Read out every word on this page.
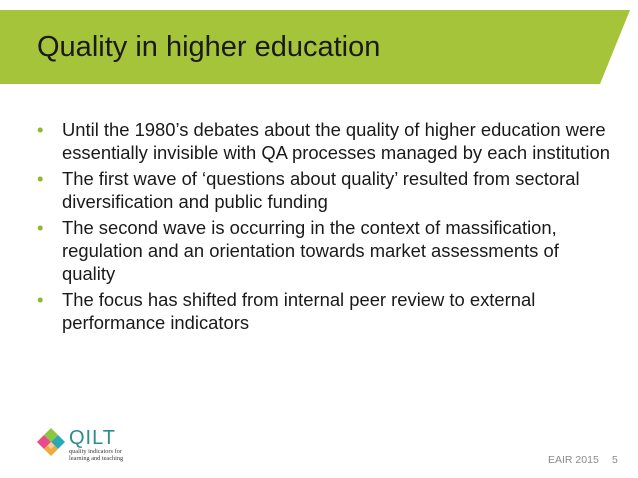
Quality in higher education
• Until the 1980’s debates about the quality of higher education were essentially invisible with QA processes managed by each institution
• The first wave of ‘questions about quality’ resulted from sectoral diversification and public funding
• The second wave is occurring in the context of massification, regulation and an orientation towards market assessments of quality
• The focus has shifted from internal peer review to external performance indicators
QILT
quality indicators for
learning and teaching	EAIR 2015 5
